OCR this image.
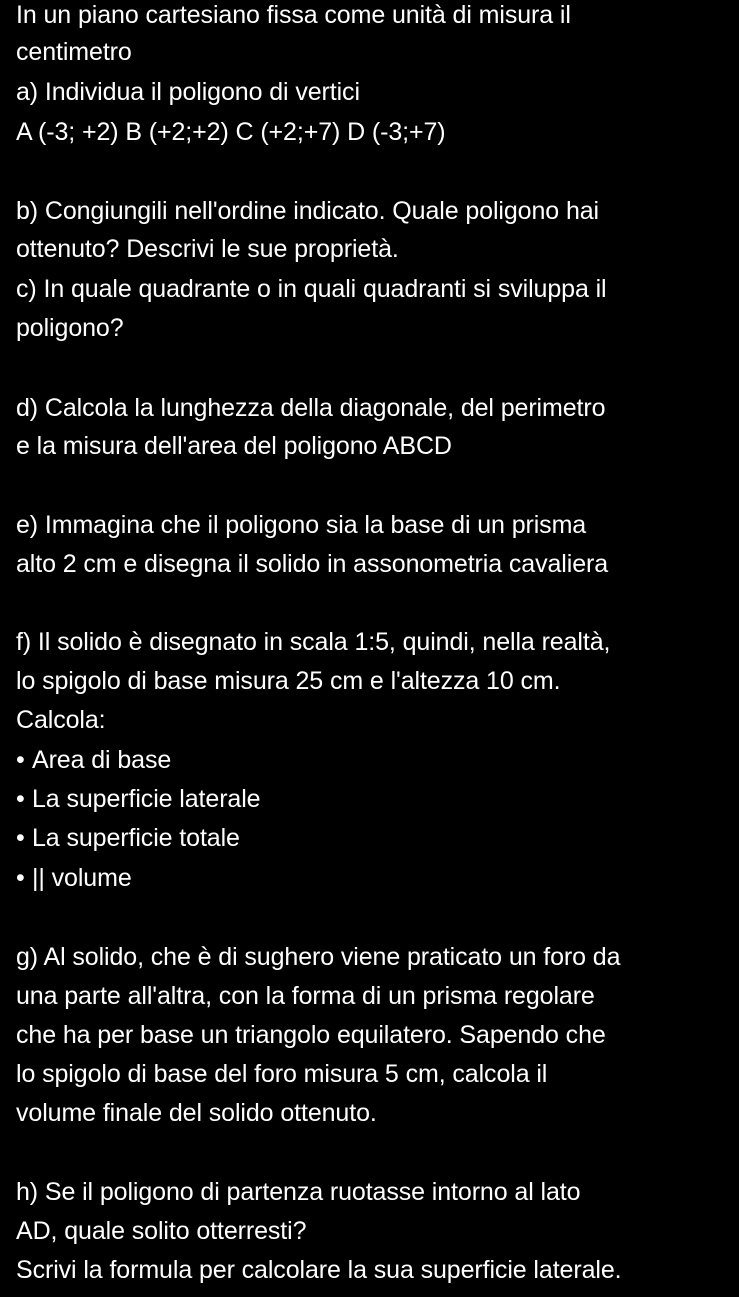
In un piano cartesiano fissa come unità di misura il
centimetro
a) Individua il poligono di vertici
A (-3; +2) B (+2;+2) C (+2;+7) D (-3;+7)
b) Congiungili nell'ordine indicato. Quale poligono hai
ottenuto? Descrivi le sue proprietà.
c) In quale quadrante o in quali quadranti si sviluppa il
poligono?
d) Calcola la lunghezza della diagonale, del perimetro
e la misura dell'area del poligono ABCD
e) Immagina che il poligono sia la base di un prisma
alto 2 cm e disegna il solido in assonometria cavaliera
f) Il solido è disegnato in scala 1:5, quindi, nella realtà,
lo spigolo di base misura 25 cm e l'altezza 10 cm.
Calcola:
• Area di base
• La superficie laterale
• La superficie totale
• || volume
g) Al solido, che è di sughero viene praticato un foro da
una parte all'altra, con la forma di un prisma regolare
che ha per base un triangolo equilatero. Sapendo che
lo spigolo di base del foro misura 5 cm, calcola il
volume finale del solido ottenuto.
h) Se il poligono di partenza ruotasse intorno al lato
AD, quale solito otterresti?
Scrivi la formula per calcolare la sua superficie laterale.
